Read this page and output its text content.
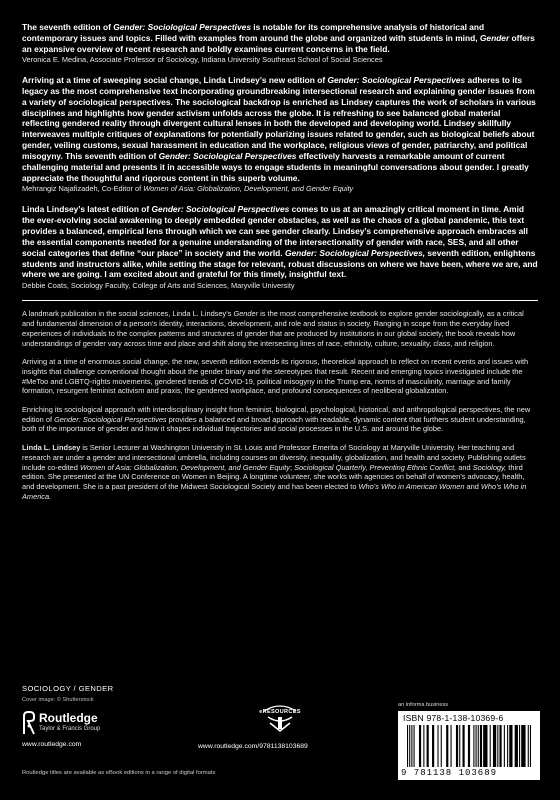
The seventh edition of Gender: Sociological Perspectives is notable for its comprehensive analysis of historical and contemporary issues and topics. Filled with examples from around the globe and organized with students in mind, Gender offers an expansive overview of recent research and boldly examines current concerns in the field.
Veronica E. Medina, Associate Professor of Sociology, Indiana University Southeast School of Social Sciences
Arriving at a time of sweeping social change, Linda Lindsey’s new edition of Gender: Sociological Perspectives adheres to its legacy as the most comprehensive text incorporating groundbreaking intersectional research and explaining gender issues from a variety of sociological perspectives. The sociological backdrop is enriched as Lindsey captures the work of scholars in various disciplines and highlights how gender activism unfolds across the globe. It is refreshing to see balanced global material reflecting gendered reality through divergent cultural lenses in both the developed and developing world. Lindsey skillfully interweaves multiple critiques of explanations for potentially polarizing issues related to gender, such as biological beliefs about gender, veiling customs, sexual harassment in education and the workplace, religious views of gender, patriarchy, and political misogyny. This seventh edition of Gender: Sociological Perspectives effectively harvests a remarkable amount of current challenging material and presents it in accessible ways to engage students in meaningful conversations about gender. I greatly appreciate the thoughtful and rigorous content in this superb volume.
Mehrangiz Najafizadeh, Co-Editor of Women of Asia: Globalization, Development, and Gender Equity
Linda Lindsey’s latest edition of Gender: Sociological Perspectives comes to us at an amazingly critical moment in time. Amid the ever-evolving social awakening to deeply embedded gender obstacles, as well as the chaos of a global pandemic, this text provides a balanced, empirical lens through which we can see gender clearly. Lindsey’s comprehensive approach embraces all the essential components needed for a genuine understanding of the intersectionality of gender with race, SES, and all other social categories that define “our place” in society and the world. Gender: Sociological Perspectives, seventh edition, enlightens students and instructors alike, while setting the stage for relevant, robust discussions on where we have been, where we are, and where we are going. I am excited about and grateful for this timely, insightful text.
Debbie Coats, Sociology Faculty, College of Arts and Sciences, Maryville University
A landmark publication in the social sciences, Linda L. Lindsey’s Gender is the most comprehensive textbook to explore gender sociologically, as a critical and fundamental dimension of a person’s identity, interactions, development, and role and status in society. Ranging in scope from the everyday lived experiences of individuals to the complex patterns and structures of gender that are produced by institutions in our global society, the book reveals how understandings of gender vary across time and place and shift along the intersecting lines of race, ethnicity, culture, sexuality, class, and religion.
Arriving at a time of enormous social change, the new, seventh edition extends its rigorous, theoretical approach to reflect on recent events and issues with insights that challenge conventional thought about the gender binary and the stereotypes that result. Recent and emerging topics investigated include the #MeToo and LGBTQ-rights movements, gendered trends of COVID-19, political misogyny in the Trump era, norms of masculinity, marriage and family formation, resurgent feminist activism and praxis, the gendered workplace, and profound consequences of neoliberal globalization.
Enriching its sociological approach with interdisciplinary insight from feminist, biological, psychological, historical, and anthropological perspectives, the new edition of Gender: Sociological Perspectives provides a balanced and broad approach with readable, dynamic content that furthers student understanding, both of the importance of gender and how it shapes individual trajectories and social processes in the U.S. and around the globe.
Linda L. Lindsey is Senior Lecturer at Washington University in St. Louis and Professor Emerita of Sociology at Maryville University. Her teaching and research are under a gender and intersectional umbrella, including courses on diversity, inequality, globalization, and health and society. Publishing outlets include co-edited Women of Asia: Globalization, Development, and Gender Equity; Sociological Quarterly, Preventing Ethnic Conflict, and Sociology, third edition. She presented at the UN Conference on Women in Beijing. A longtime volunteer, she works with agencies on behalf of women’s advocacy, health, and development. She is a past president of the Midwest Sociological Society and has been elected to Who’s Who in American Women and Who’s Who in America.
SOCIOLOGY / GENDER
Cover image: © Shutterstock
Routledge
Taylor & Francis Group
www.routledge.com
eRESOURCES
www.routledge.com/9781138103689
an informa business
ISBN 978-1-138-10369-6
9 781138 103689
Routledge titles are available as eBook editions in a range of digital formats
